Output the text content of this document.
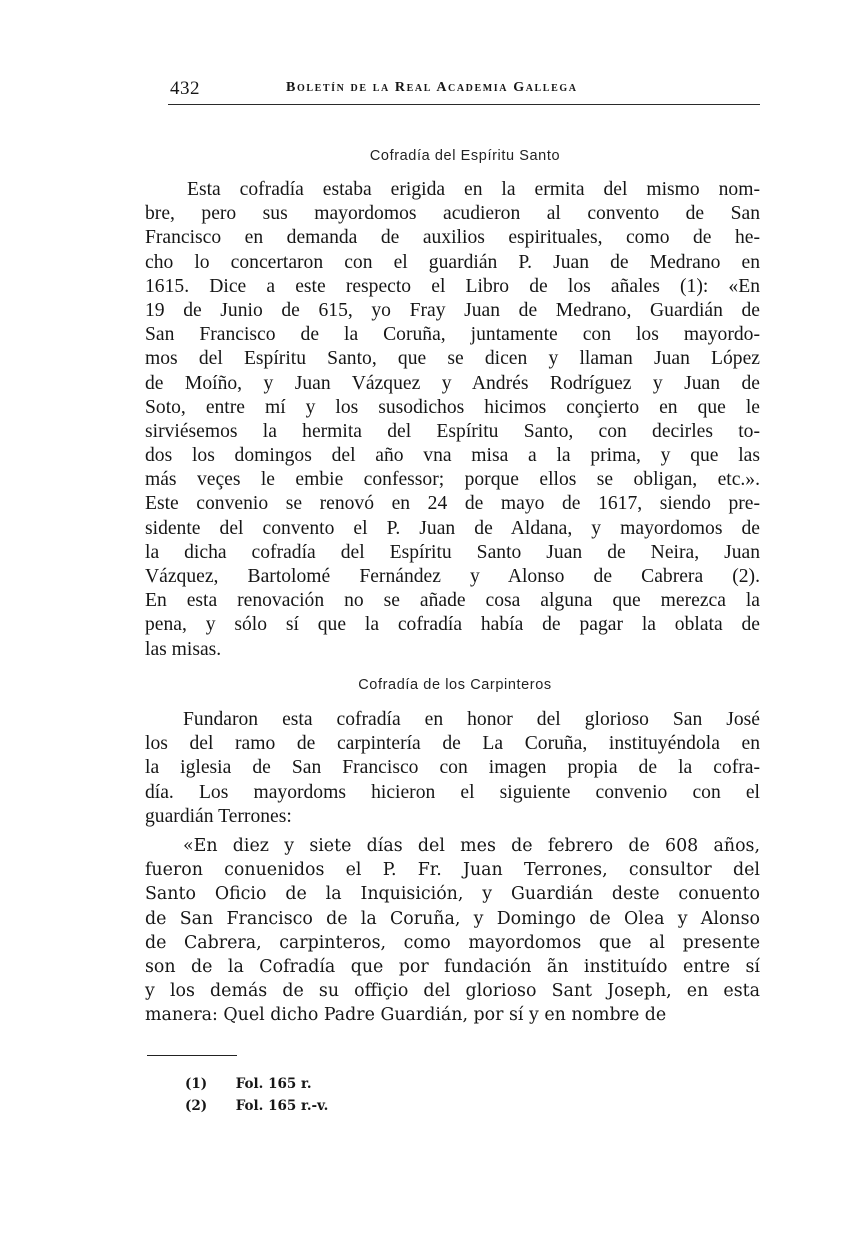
432	Boletín de la Real Academia Gallega
Cofradía del Espíritu Santo
Esta cofradía estaba erigida en la ermita del mismo nom-
bre, pero sus mayordomos acudieron al convento de San
Francisco en demanda de auxilios espirituales, como de he-
cho lo concertaron con el guardián P. Juan de Medrano en
1615. Dice a este respecto el Libro de los añales (1): «En
19 de Junio de 615, yo Fray Juan de Medrano, Guardián de
San Francisco de la Coruña, juntamente con los mayordo-
mos del Espíritu Santo, que se dicen y llaman Juan López
de Moíño, y Juan Vázquez y Andrés Rodríguez y Juan de
Soto, entre mí y los susodichos hicimos conçierto en que le
sirviésemos la hermita del Espíritu Santo, con decirles to-
dos los domingos del año vna misa a la prima, y que las
más veçes le embie confessor; porque ellos se obligan, etc.».
Este convenio se renovó en 24 de mayo de 1617, siendo pre-
sidente del convento el P. Juan de Aldana, y mayordomos de
la dicha cofradía del Espíritu Santo Juan de Neira, Juan
Vázquez, Bartolomé Fernández y Alonso de Cabrera (2).
En esta renovación no se añade cosa alguna que merezca la
pena, y sólo sí que la cofradía había de pagar la oblata de
las misas.
Cofradía de los Carpinteros
Fundaron esta cofradía en honor del glorioso San José
los del ramo de carpintería de La Coruña, instituyéndola en
la iglesia de San Francisco con imagen propia de la cofra-
día. Los mayordoms hicieron el siguiente convenio con el
guardián Terrones:
«En diez y siete días del mes de febrero de 608 años,
fueron conuenidos el P. Fr. Juan Terrones, consultor del
Santo Oficio de la Inquisición, y Guardián deste conuento
de San Francisco de la Coruña, y Domingo de Olea y Alonso
de Cabrera, carpinteros, como mayordomos que al presente
son de la Cofradía que por fundación ãn instituído entre sí
y los demás de su offiçio del glorioso Sant Joseph, en esta
manera: Quel dicho Padre Guardián, por sí y en nombre de
(1) Fol. 165 r.
(2) Fol. 165 r.-v.
